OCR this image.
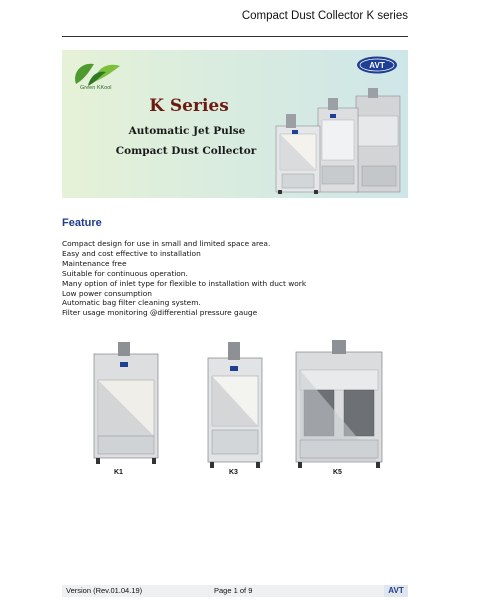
Compact Dust Collector K series
Green KKool
AVT
K Series
Automatic Jet Pulse
Compact Dust Collector
Feature
Compact design for use in small and limited space area.
Easy and cost effective to installation
Maintenance free
Suitable for continuous operation.
Many option of inlet type for flexible to installation with duct work
Low power consumption
Automatic bag filter cleaning system.
Filter usage monitoring @differential pressure gauge
K1	K3	K5
Version (Rev.01.04.19)	Page 1 of 9	AVT
